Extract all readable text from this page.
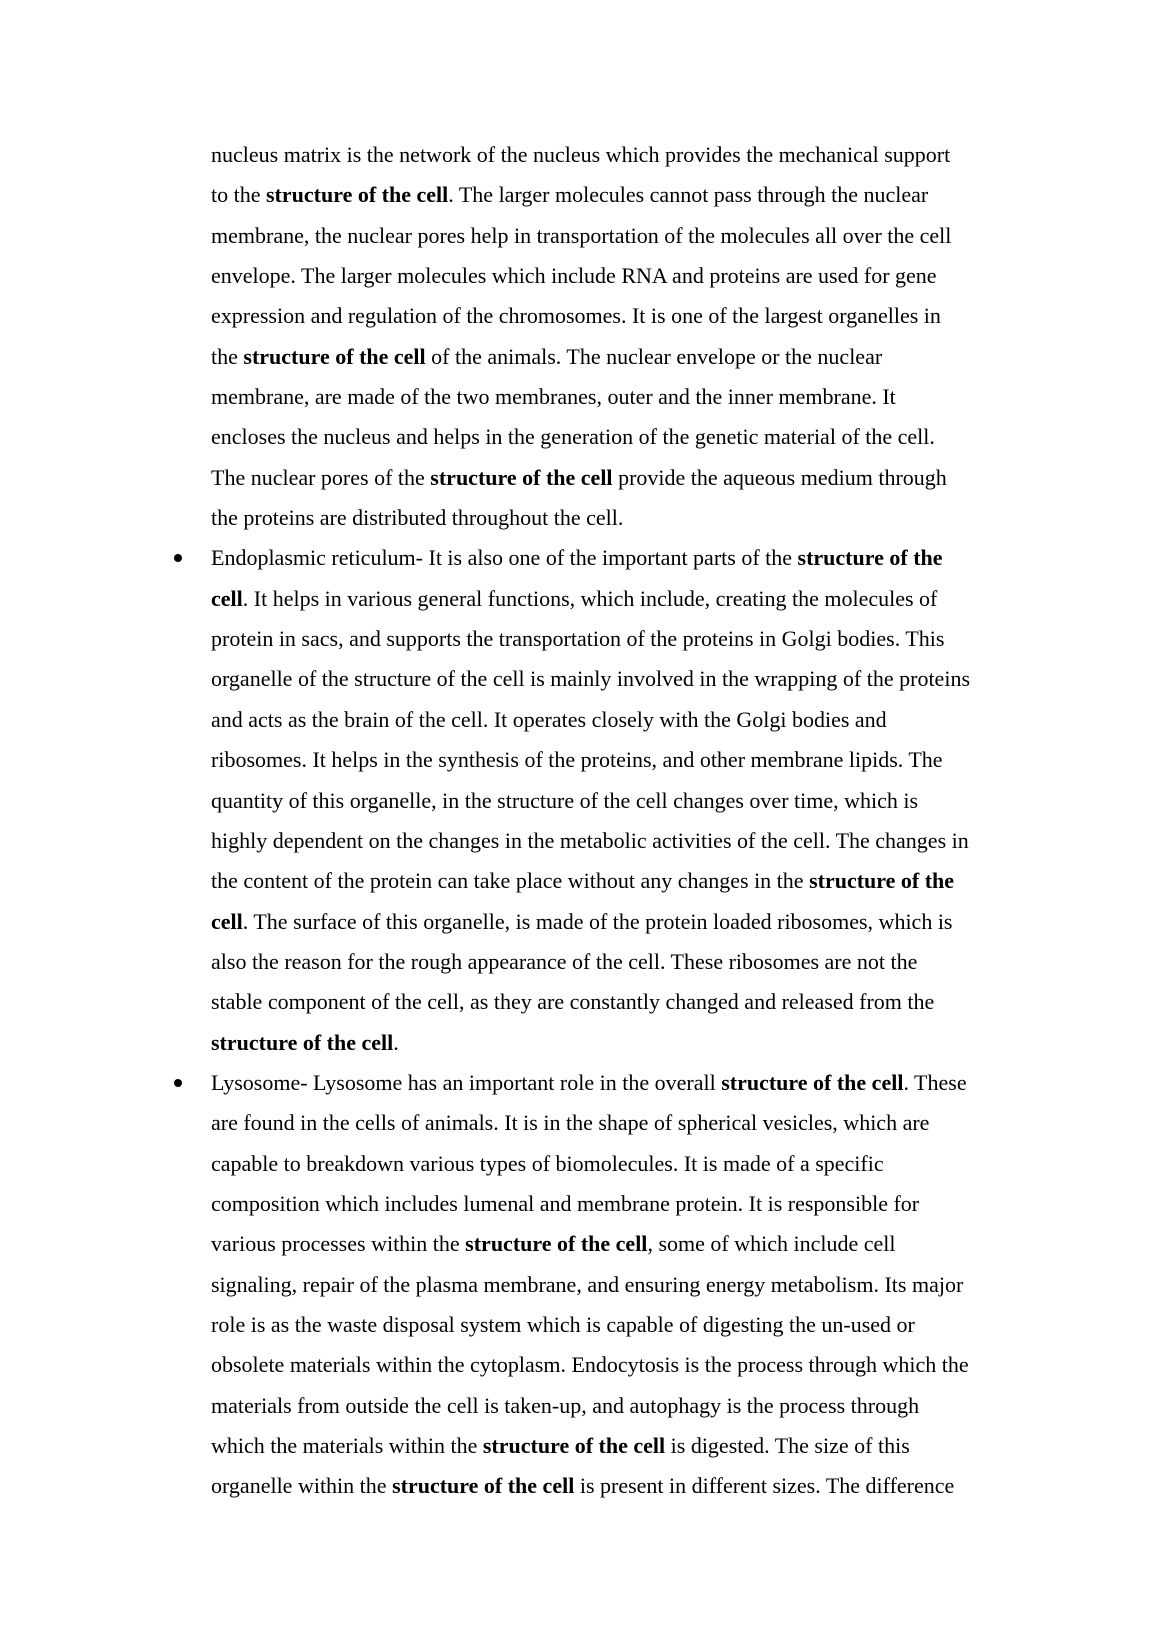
nucleus matrix is the network of the nucleus which provides the mechanical support
to the structure of the cell. The larger molecules cannot pass through the nuclear
membrane, the nuclear pores help in transportation of the molecules all over the cell
envelope. The larger molecules which include RNA and proteins are used for gene
expression and regulation of the chromosomes. It is one of the largest organelles in
the structure of the cell of the animals. The nuclear envelope or the nuclear
membrane, are made of the two membranes, outer and the inner membrane. It
encloses the nucleus and helps in the generation of the genetic material of the cell.
The nuclear pores of the structure of the cell provide the aqueous medium through
the proteins are distributed throughout the cell.
Endoplasmic reticulum- It is also one of the important parts of the structure of the
cell. It helps in various general functions, which include, creating the molecules of
protein in sacs, and supports the transportation of the proteins in Golgi bodies. This
organelle of the structure of the cell is mainly involved in the wrapping of the proteins
and acts as the brain of the cell. It operates closely with the Golgi bodies and
ribosomes. It helps in the synthesis of the proteins, and other membrane lipids. The
quantity of this organelle, in the structure of the cell changes over time, which is
highly dependent on the changes in the metabolic activities of the cell. The changes in
the content of the protein can take place without any changes in the structure of the
cell. The surface of this organelle, is made of the protein loaded ribosomes, which is
also the reason for the rough appearance of the cell. These ribosomes are not the
stable component of the cell, as they are constantly changed and released from the
structure of the cell.
Lysosome- Lysosome has an important role in the overall structure of the cell. These
are found in the cells of animals. It is in the shape of spherical vesicles, which are
capable to breakdown various types of biomolecules. It is made of a specific
composition which includes lumenal and membrane protein. It is responsible for
various processes within the structure of the cell, some of which include cell
signaling, repair of the plasma membrane, and ensuring energy metabolism. Its major
role is as the waste disposal system which is capable of digesting the un-used or
obsolete materials within the cytoplasm. Endocytosis is the process through which the
materials from outside the cell is taken-up, and autophagy is the process through
which the materials within the structure of the cell is digested. The size of this
organelle within the structure of the cell is present in different sizes. The difference
